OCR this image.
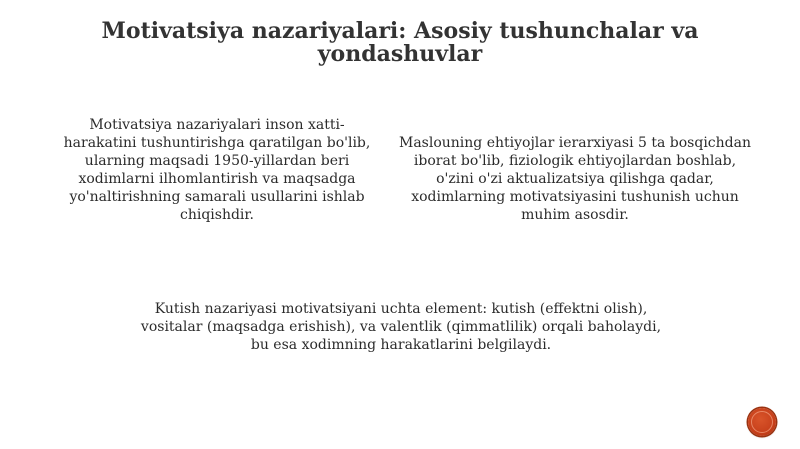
Motivatsiya nazariyalari: Asosiy tushunchalar va yondashuvlar

Motivatsiya nazariyalari inson xatti-harakatini tushuntirishga qaratilgan bo'lib, ularning maqsadi 1950-yillardan beri xodimlarni ilhomlantirish va maqsadga yo'naltirishning samarali usullarini ishlab chiqishdir.

Maslouning ehtiyojlar ierarxiyasi 5 ta bosqichdan iborat bo'lib, fiziologik ehtiyojlardan boshlab, o'zini o'zi aktualizatsiya qilishga qadar, xodimlarning motivatsiyasini tushunish uchun muhim asosdir.

Kutish nazariyasi motivatsiyani uchta element: kutish (effektni olish), vositalar (maqsadga erishish), va valentlik (qimmatlilik) orqali baholaydi, bu esa xodimning harakatlarini belgilaydi.
